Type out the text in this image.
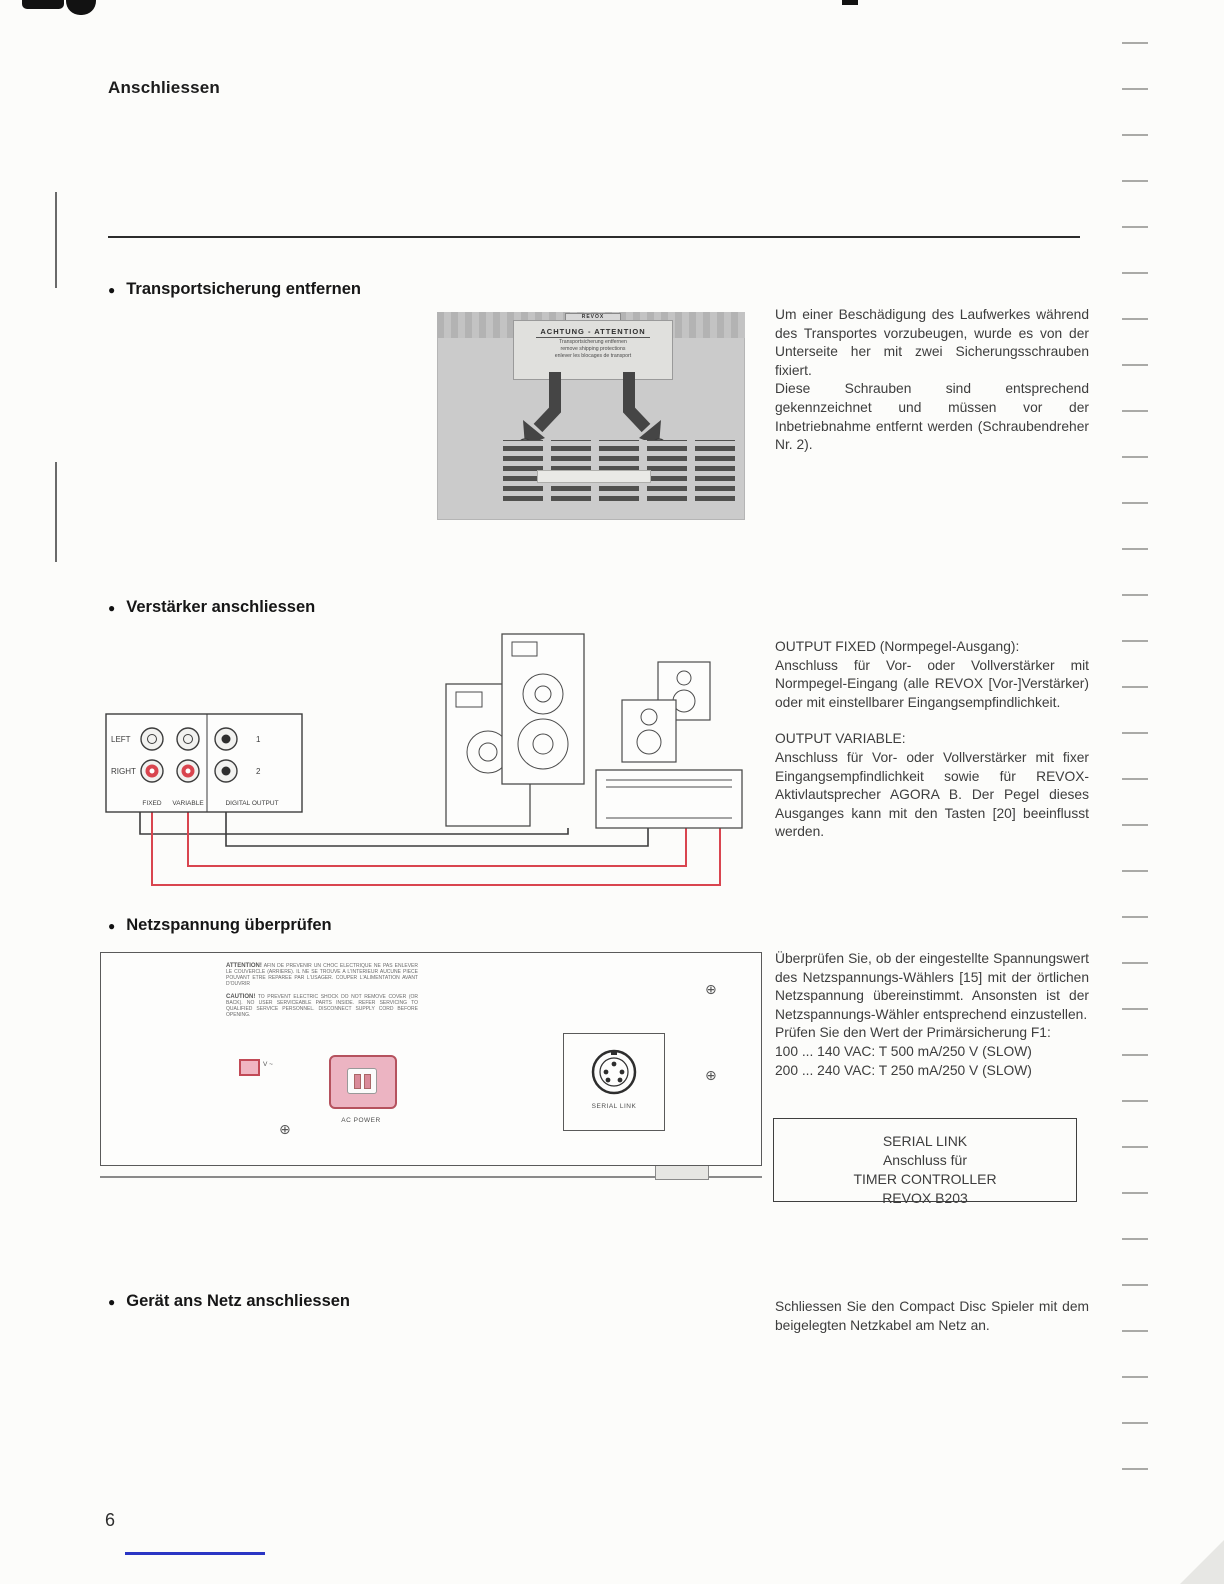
Anschliessen
● Transportsicherung entfernen
REVOX
ACHTUNG - ATTENTION
Transportsicherung entfernen
remove shipping protections
enlever les blocages de transport

Um einer Beschädigung des Laufwerkes während des Transportes vorzubeugen, wurde es von der Unterseite her mit zwei Sicherungsschrauben fixiert.

Diese Schrauben sind entsprechend gekennzeichnet und müssen vor der Inbetriebnahme entfernt werden (Schraubendreher Nr. 2).

● Verstärker anschliessen
LEFT
RIGHT
1
2
FIXED VARIABLE	DIGITAL OUTPUT

OUTPUT FIXED (Normpegel-Ausgang):

Anschluss für Vor- oder Vollverstärker mit Normpegel-Eingang (alle REVOX [Vor-]Verstärker) oder mit einstellbarer Eingangsempfindlichkeit.

OUTPUT VARIABLE:

Anschluss für Vor- oder Vollverstärker mit fixer Eingangsempfindlichkeit sowie für REVOX-Aktivlautsprecher AGORA B. Der Pegel dieses Ausganges kann mit den Tasten [20] beeinflusst werden.

● Netzspannung überprüfen
ATTENTION! AFIN DE PREVENIR UN CHOC ELECTRIQUE NE PAS ENLEVER LE COUVERCLE (ARRIERE). IL NE SE TROUVE A L'INTERIEUR AUCUNE PIECE POUVANT ETRE REPAREE PAR L'USAGER. COUPER L'ALIMENTATION AVANT D'OUVRIR
CAUTION! TO PREVENT ELECTRIC SHOCK DO NOT REMOVE COVER (OR BACK). NO USER SERVICEABLE PARTS INSIDE. REFER SERVICING TO QUALIFIED SERVICE PERSONNEL. DISCONNECT SUPPLY CORD BEFORE OPENING.
⊕
⊕
⊕
V ~
AC POWER
SERIAL LINK

Überprüfen Sie, ob der eingestellte Spannungswert des Netzspannungs-Wählers [15] mit der örtlichen Netzspannung übereinstimmt. Ansonsten ist der Netzspannungs-Wähler entsprechend einzustellen.

Prüfen Sie den Wert der Primärsicherung F1:

100 ... 140 VAC: T 500 mA/250 V (SLOW)

200 ... 240 VAC: T 250 mA/250 V (SLOW)

SERIAL LINK
Anschluss für
TIMER CONTROLLER
REVOX B203
● Gerät ans Netz anschliessen	Schliessen Sie den Compact Disc Spieler mit dem beigelegten Netzkabel am Netz an.

6
